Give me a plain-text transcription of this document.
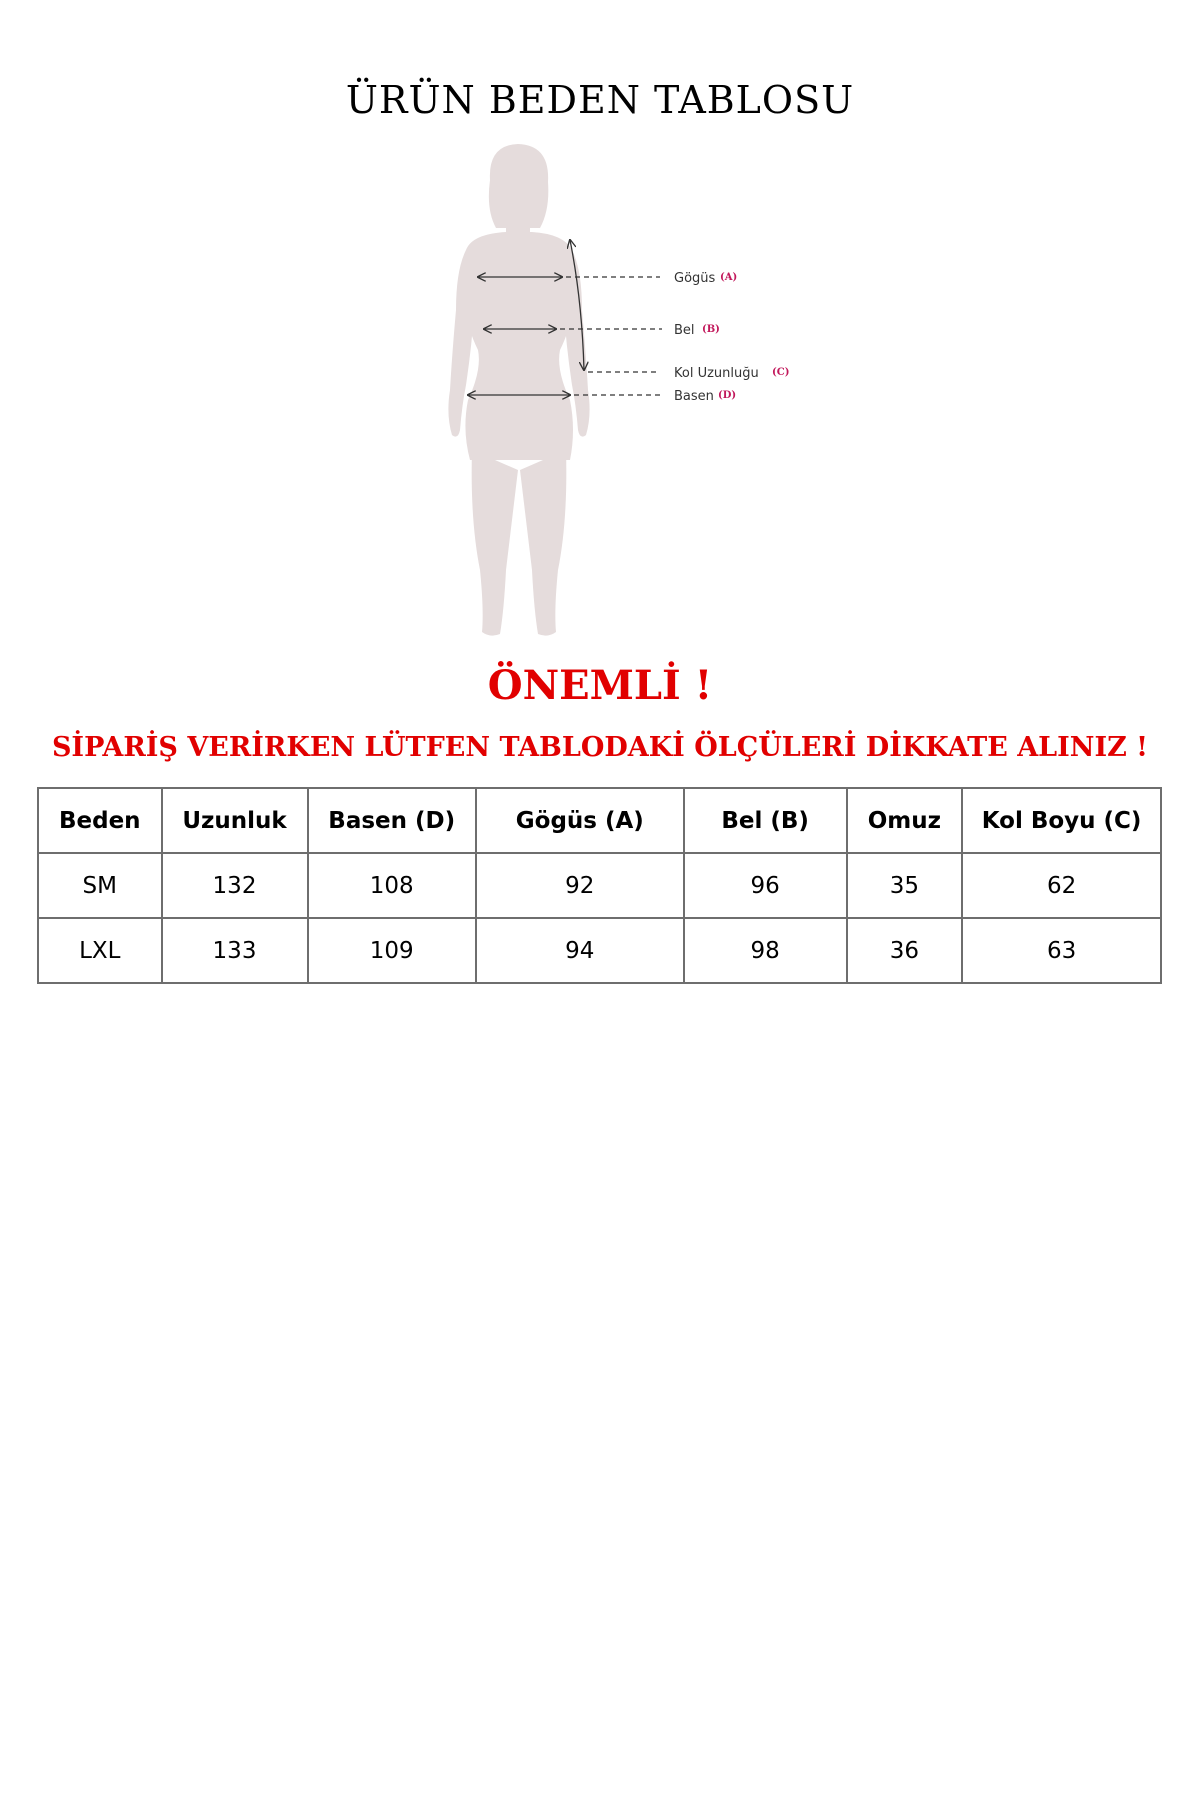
ÜRÜN BEDEN TABLOSU
Gögüs (A)
Bel (B)
Kol Uzunluğu (C)
Basen (D)
ÖNEMLİ !
SİPARİŞ VERİRKEN LÜTFEN TABLODAKİ ÖLÇÜLERİ DİKKATE ALINIZ !
Beden	Uzunluk	Basen (D)	Gögüs (A)	Bel (B)	Omuz	Kol Boyu (C)
SM	132	108	92	96	35	62
LXL	133	109	94	98	36	63
